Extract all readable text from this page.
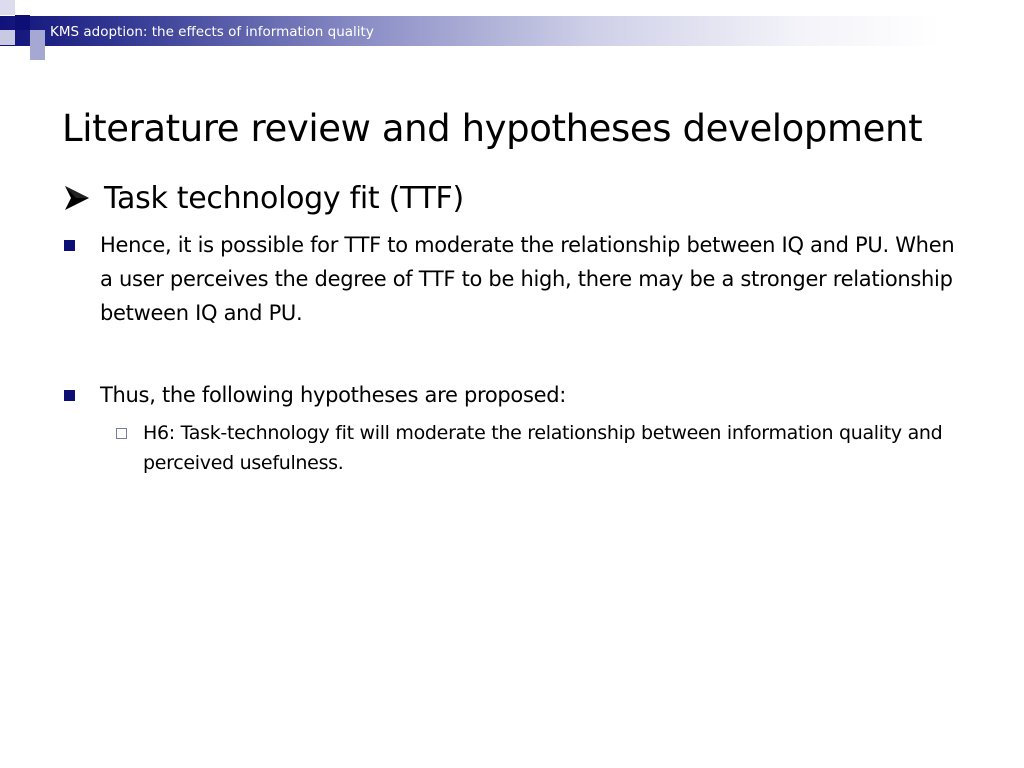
KMS adoption: the effects of information quality
Literature review and hypotheses development
Task technology fit (TTF)
Hence, it is possible for TTF to moderate the relationship between IQ and PU. When a user perceives the degree of TTF to be high, there may be a stronger relationship between IQ and PU.
Thus, the following hypotheses are proposed:
H6: Task-technology fit will moderate the relationship between information quality and perceived usefulness.
